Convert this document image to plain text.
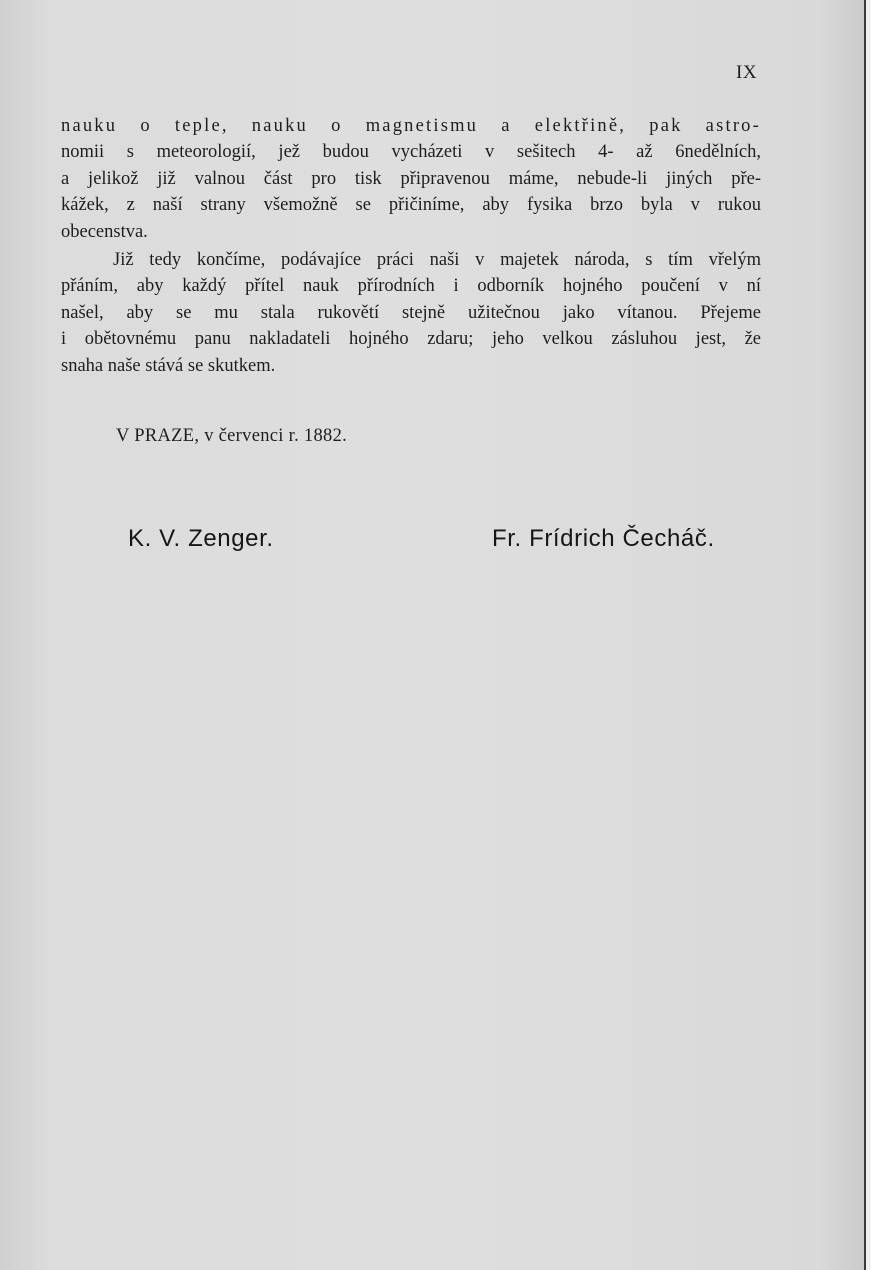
IX
nauku o teple, nauku o magnetismu a elektřině, pak astro-
nomii s meteorologií, jež budou vycházeti v sešitech 4- až 6nedělních,
a jelikož již valnou část pro tisk připravenou máme, nebude-li jiných pře-
kážek, z naší strany všemožně se přičiníme, aby fysika brzo byla v rukou
obecenstva.
Již tedy končíme, podávajíce práci naši v majetek národa, s tím vřelým
přáním, aby každý přítel nauk přírodních i odborník hojného poučení v ní
našel, aby se mu stala rukovětí stejně užitečnou jako vítanou. Přejeme
i obětovnému panu nakladateli hojného zdaru; jeho velkou zásluhou jest, že
snaha naše stává se skutkem.
V PRAZE, v červenci r. 1882.
K. V. Zenger.	Fr. Frídrich Čecháč.
